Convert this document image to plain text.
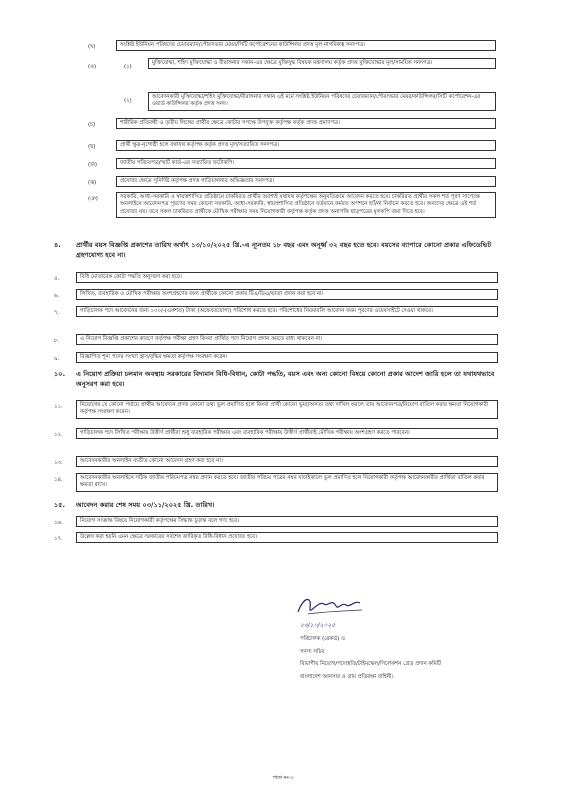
(ঘ)	সংশ্লিষ্ট ইউনিয়ন পরিষদের চেয়ারম্যান/পৌরসভার মেয়র/সিটি কর্পোরেশনের কাউন্সিলর প্রদত্ত মূল নাগরিকত্ব সনদপত্র।
(ঙ)	(১)
মুক্তিযোদ্ধা, শহিদ মুক্তিযোদ্ধা ও বীরাঙ্গনার সন্তান-এর ক্ষেত্রে মুক্তিযুদ্ধ বিষয়ক মন্ত্রণালয় কর্তৃক প্রদত্ত মুক্তিযোদ্ধার মূল/সাময়িক সনদপত্র।
(২)
আবেদনকারী মুক্তিযোদ্ধা/শহিদ মুক্তিযোদ্ধা/বীরাঙ্গনার সন্তান এই মর্মে সংশ্লিষ্ট ইউনিয়ন পরিষদের চেয়ারম্যান/পৌরসভার মেয়র/কাউন্সিলর/সিটি কর্পোরেশন-এর ওয়ার্ড কাউন্সিলর কর্তৃক প্রদত্ত সনদ।
(চ)	শারীরিক প্রতিবন্ধী ও তৃতীয় লিঙ্গের প্রার্থীর ক্ষেত্রে কোটার সপক্ষে উপযুক্ত কর্তৃপক্ষ কর্তৃক প্রদত্ত প্রমাণপত্র।
(ছ)	প্রার্থী ক্ষুদ্র-নৃগোষ্ঠী হলে যথাযথ কর্তৃপক্ষ কর্তৃক প্রদত্ত মূল/সত্যায়িত সনদপত্র।
(জ)	জাতীয় পরিচয়পত্র/স্মার্ট কার্ড-এর সত্যায়িত ফটোকপি।
(ঝ)	প্রযোজ্য ক্ষেত্রে সুনির্দিষ্ট কর্তৃপক্ষ প্রদত্ত গাড়িচালনার অভিজ্ঞতার সনদপত্র।
(ঞ)	সরকারি, আধা-সরকারি ও স্বায়ত্তশাসিত প্রতিষ্ঠানে চাকরিরত প্রার্থীর অবশ্যই যথাযথ কর্তৃপক্ষের অনুমতিক্রমে আবেদন করতে হবে। চাকরিরত প্রার্থীর সকল শর্ত পূরণ সাপেক্ষে অনলাইনে আবেদনপত্র পূরণের সময় কোনো সরকারি, আধা-সরকারি, স্বায়ত্তশাসিত প্রতিষ্ঠানে বর্তমানে কর্মরত অপশনে হ্যাঁ/না নির্বাচন করতে হবে। অন্যদের ক্ষেত্রে এই শর্ত প্রযোজ্য নয়। তবে সকল চাকরিরত প্রার্থীকে মৌখিক পরীক্ষার সময় নিয়োগকারী কর্তৃপক্ষ কর্তৃক প্রদত্ত অনাপত্তি ছাড়পত্রের মূলকপি জমা দিতে হবে।
৪. প্রার্থীর বয়স বিজ্ঞপ্তি প্রকাশের তারিখ অর্থাৎ ১৩/১০/২০২৫ খ্রি.-এ ন্যূনতম ১৮ বছর এবং অনূর্ধ্ব ৩২ বছর হতে হবে। বয়সের ব্যাপারে কোনো প্রকার এফিডেভিট গ্রহণযোগ্য হবে না।
৫.	বিধি মোতাবেক কোটা পদ্ধতি অনুসরণ করা হবে।
৬.	লিখিত, ব্যবহারিক ও মৌখিক পরীক্ষায় অংশগ্রহণের জন্য প্রার্থীকে কোনো প্রকার টিএ/ডিএ/ভাতা প্রদান করা হবে না।
৭.	গাড়িচালক পদে আবেদনের জন্য ১০০/-(একশত) টাকা (অফেরতযোগ্য) পরিশোধ করতে হবে। পরিশোধের নিয়মাবলি আবেদন ফরম পূরণের ওয়েবসাইটে দেওয়া থাকবে।
৮.	এ নিয়োগ বিজ্ঞপ্তি প্রকাশের কারণে কর্তৃপক্ষ পরীক্ষা গ্রহণ কিংবা প্রার্থিত পদে নিয়োগ প্রদান করতে বাধ্য থাকবেন না।
৯.	বিজ্ঞাপিত শূন্য পদের সংখ্যা হ্রাস/বৃদ্ধির ক্ষমতা কর্তৃপক্ষ সংরক্ষণ করেন।
১০. এ নিয়োগ প্রক্রিয়া চলমান অবস্থায় সরকারের বিদ্যমান বিধি-বিধান, কোটা পদ্ধতি, বয়স এবং অন্য কোনো বিষয়ে কোনো প্রকার আদেশ জারি হলে তা যথাযথভাবে অনুসরণ করা হবে।
১১.	নিয়োগের যে কোনো পর্যায়ে প্রার্থীর আবেদনে প্রদত্ত কোনো তথ্য ভুল প্রমাণিত হলে কিংবা প্রার্থী কোনো ভুয়া/অসত্য তথ্য দাখিল করলে তার আবেদনপত্র/নিয়োগ বাতিল করার ক্ষমতা নিয়োগকারী কর্তৃপক্ষ সংরক্ষণ করেন।
১২.	গাড়িচালক পদে লিখিত পরীক্ষায় উত্তীর্ণ প্রার্থীরা শুধু ব্যবহারিক পরীক্ষায় এবং ব্যবহারিক পরীক্ষায় উত্তীর্ণ প্রার্থীরাই মৌখিক পরীক্ষায় অংশগ্রহণ করতে পারবেন।
১৩.	আবেদনকারীর অনলাইন ব্যতীত কোনো আবেদন গ্রহণ করা হবে না।
১৪.	আবেদনকারীর অনলাইনে সঠিক জাতীয় পরিচয়পত্র নম্বর প্রদান করতে হবে। জাতীয় পরিচয় পত্রের নম্বর যাচাইকালে ভুল প্রমাণিত হলে নিয়োগকারী কর্তৃপক্ষ আবেদনকারীর প্রার্থিতা বাতিল করার ক্ষমতা রাখে।
১৫. আবেদন করার শেষ সময় ০৩/১১/২০২৫ খ্রি. তারিখ।
১৬.	নিয়োগ সংক্রান্ত বিষয়ে নিয়োগকারী কর্তৃপক্ষের সিদ্ধান্ত চূড়ান্ত বলে গণ্য হবে।
১৭.	উল্লেখ করা হয়নি এমন ক্ষেত্রে সরকারের সর্বশেষ জারিকৃত বিধি-বিধান প্রযোজ্য হবে।
২৩/১০/২০২৫
পরিচালক (রেকর্ড) ও
সদস্য সচিব
বিভাগীয় নিয়োগ/পদোন্নতি/টাইমস্কেল/সিলেকশন গ্রেড প্রদান কমিটি
বাংলাদেশ আনসার ও গ্রাম প্রতিরক্ষা বাহিনী।
পাতা নং-২
